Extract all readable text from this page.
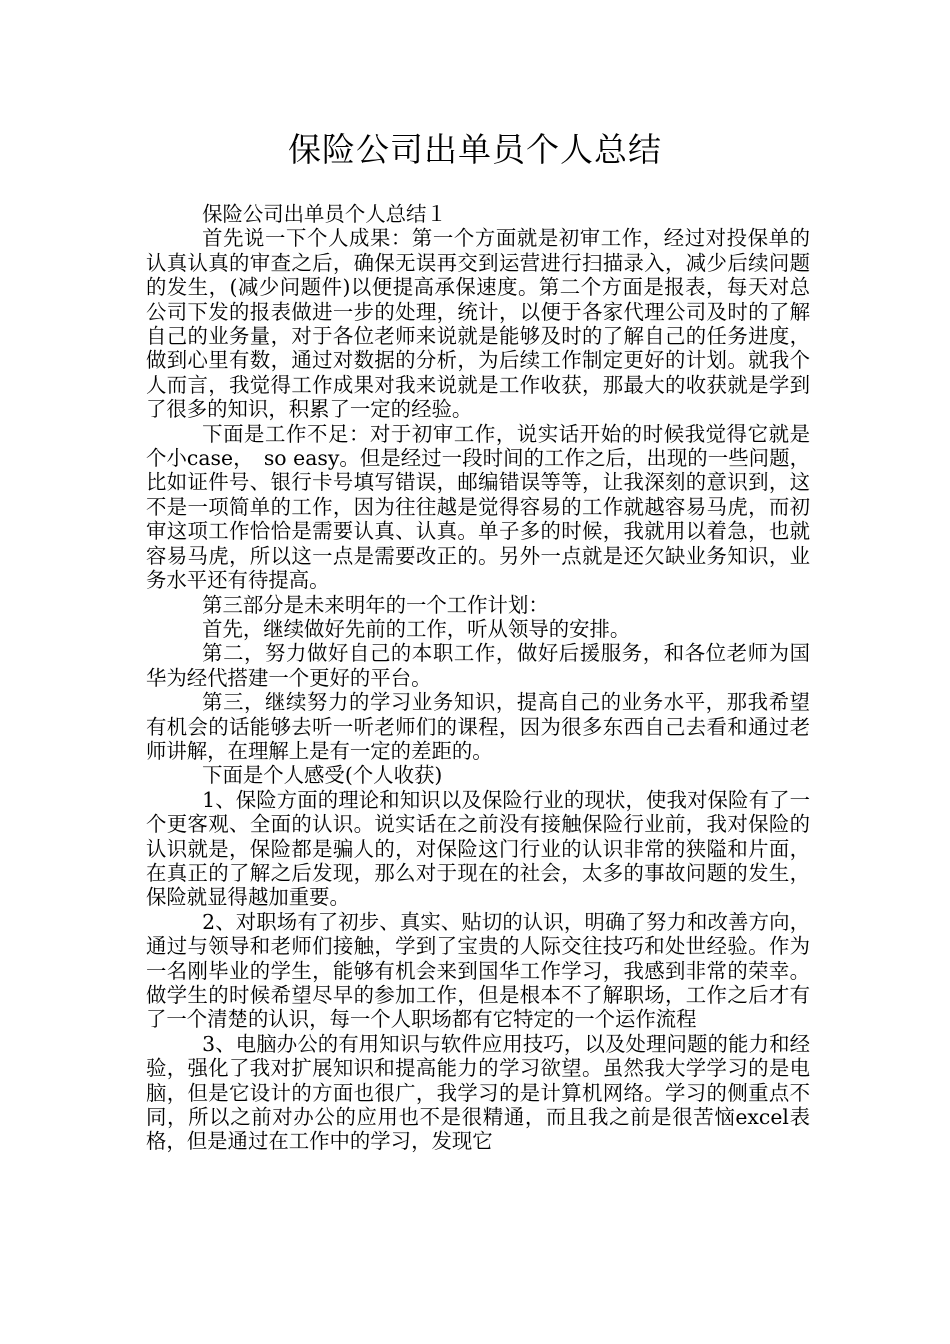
保险公司出单员个人总结

保险公司出单员个人总结１

首先说一下个人成果：第一个方面就是初审工作，经过对投保单的认真认真的审查之后，确保无误再交到运营进行扫描录入，减少后续问题的发生，(减少问题件)以便提高承保速度。第二个方面是报表，每天对总公司下发的报表做进一步的处理，统计，以便于各家代理公司及时的了解自己的业务量，对于各位老师来说就是能够及时的了解自己的任务进度，做到心里有数，通过对数据的分析，为后续工作制定更好的计划。就我个人而言，我觉得工作成果对我来说就是工作收获，那最大的收获就是学到了很多的知识，积累了一定的经验。

下面是工作不足：对于初审工作，说实话开始的时候我觉得它就是个小case，　so easy。但是经过一段时间的工作之后，出现的一些问题，比如证件号、银行卡号填写错误，邮编错误等等，让我深刻的意识到，这不是一项简单的工作，因为往往越是觉得容易的工作就越容易马虎，而初审这项工作恰恰是需要认真、认真。单子多的时候，我就用以着急，也就容易马虎，所以这一点是需要改正的。另外一点就是还欠缺业务知识，业务水平还有待提高。

第三部分是未来明年的一个工作计划：

首先，继续做好先前的工作，听从领导的安排。

第二，努力做好自己的本职工作，做好后援服务，和各位老师为国华为经代搭建一个更好的平台。

第三，继续努力的学习业务知识，提高自己的业务水平，那我希望有机会的话能够去听一听老师们的课程，因为很多东西自己去看和通过老师讲解，在理解上是有一定的差距的。

下面是个人感受(个人收获)

1、保险方面的理论和知识以及保险行业的现状，使我对保险有了一个更客观、全面的认识。说实话在之前没有接触保险行业前，我对保险的认识就是，保险都是骗人的，对保险这门行业的认识非常的狭隘和片面，在真正的了解之后发现，那么对于现在的社会，太多的事故问题的发生，保险就显得越加重要。

2、对职场有了初步、真实、贴切的认识，明确了努力和改善方向，通过与领导和老师们接触，学到了宝贵的人际交往技巧和处世经验。作为一名刚毕业的学生，能够有机会来到国华工作学习，我感到非常的荣幸。做学生的时候希望尽早的参加工作，但是根本不了解职场，工作之后才有了一个清楚的认识，每一个人职场都有它特定的一个运作流程

3、电脑办公的有用知识与软件应用技巧，以及处理问题的能力和经验，强化了我对扩展知识和提高能力的学习欲望。虽然我大学学习的是电脑，但是它设计的方面也很广，我学习的是计算机网络。学习的侧重点不同，所以之前对办公的应用也不是很精通，而且我之前是很苦恼excel表格，但是通过在工作中的学习，发现它
